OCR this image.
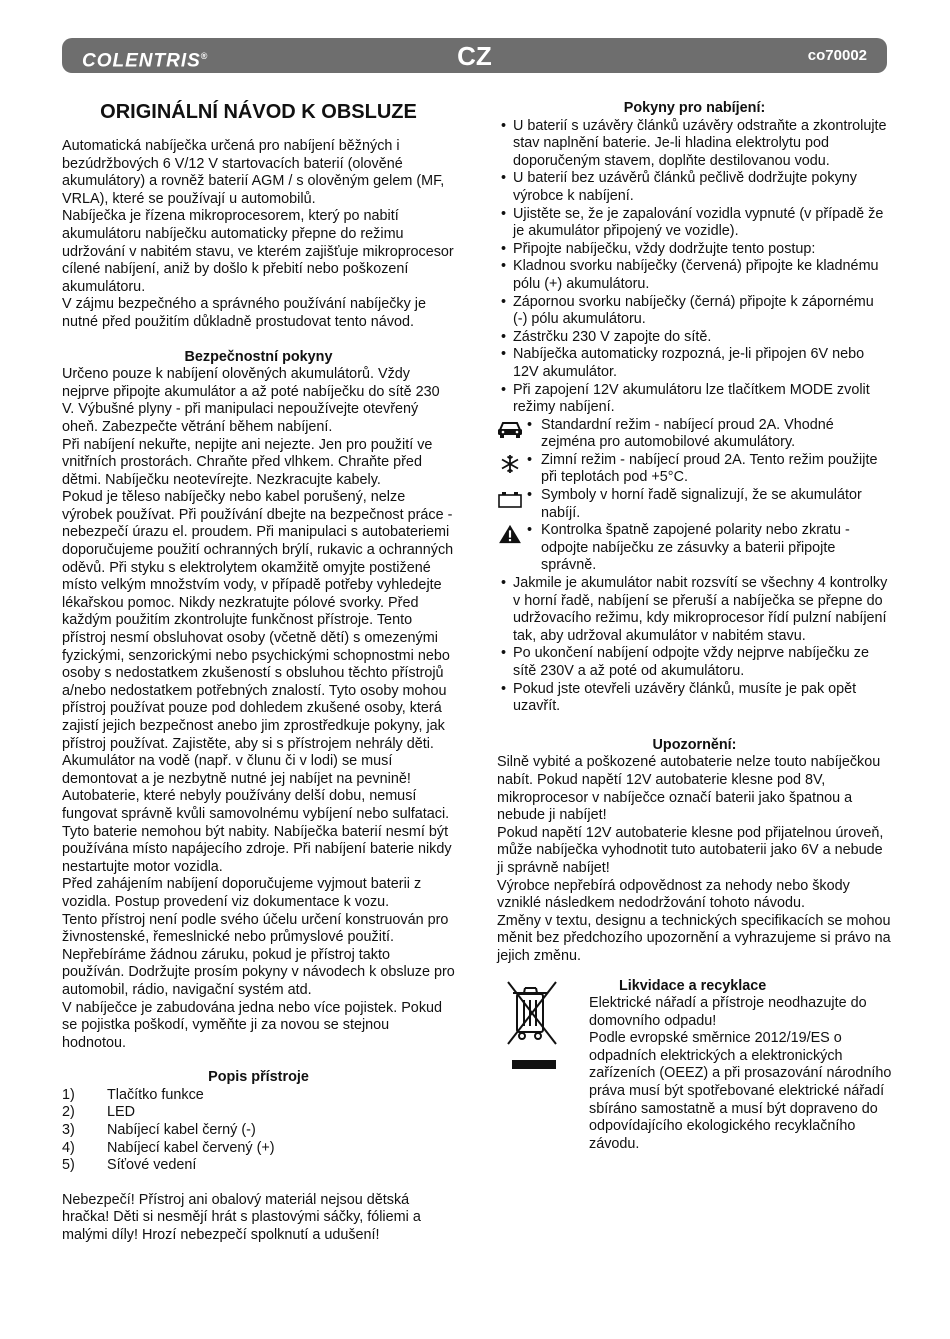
COLENTRIS®	CZ	co70002
ORIGINÁLNÍ NÁVOD K OBSLUZE

Automatická nabíječka určená pro nabíjení běžných i bezúdržbových 6 V/12 V startovacích baterií (olověné akumulátory) a rovněž baterií AGM / s olověným gelem (MF, VRLA), které se používají u automobilů.

Nabíječka je řízena mikroprocesorem, který po nabití akumulátoru nabíječku automaticky přepne do režimu udržování v nabitém stavu, ve kterém zajišťuje mikroprocesor cílené nabíjení, aniž by došlo k přebití nebo poškození akumulátoru.

V zájmu bezpečného a správného používání nabíječky je nutné před použitím důkladně prostudovat tento návod.

Bezpečnostní pokyny

Určeno pouze k nabíjení olověných akumulátorů. Vždy nejprve připojte akumulátor a až poté nabíječku do sítě 230 V. Výbušné plyny - při manipulaci nepoužívejte otevřený oheň. Zabezpečte větrání během nabíjení.

Při nabíjení nekuřte, nepijte ani nejezte. Jen pro použití ve vnitřních prostorách. Chraňte před vlhkem. Chraňte před dětmi. Nabíječku neotevírejte. Nezkracujte kabely.

Pokud je těleso nabíječky nebo kabel porušený, nelze výrobek používat. Při používání dbejte na bezpečnost práce - nebezpečí úrazu el. proudem. Při manipulaci s autobateriemi doporučujeme použití ochranných brýlí, rukavic a ochranných oděvů. Při styku s elektrolytem okamžitě omyjte postižené místo velkým množstvím vody, v případě potřeby vyhledejte lékařskou pomoc. Nikdy nezkratujte pólové svorky. Před každým použitím zkontrolujte funkčnost přístroje. Tento přístroj nesmí obsluhovat osoby (včetně dětí) s omezenými fyzickými, senzorickými nebo psychickými schopnostmi nebo osoby s nedostatkem zkušeností s obsluhou těchto přístrojů a/nebo nedostatkem potřebných znalostí. Tyto osoby mohou přístroj používat pouze pod dohledem zkušené osoby, která zajistí jejich bezpečnost anebo jim zprostředkuje pokyny, jak přístroj používat. Zajistěte, aby si s přístrojem nehrály děti. Akumulátor na vodě (např. v člunu či v lodi) se musí demontovat a je nezbytně nutné jej nabíjet na pevnině!

Autobaterie, které nebyly používány delší dobu, nemusí fungovat správně kvůli samovolnému vybíjení nebo sulfataci. Tyto baterie nemohou být nabity. Nabíječka baterií nesmí být používána místo napájecího zdroje. Při nabíjení baterie nikdy nestartujte motor vozidla.

Před zahájením nabíjení doporučujeme vyjmout baterii z vozidla. Postup provedení viz dokumentace k vozu.

Tento přístroj není podle svého účelu určení konstruován pro živnostenské, řemeslnické nebo průmyslové použití. Nepřebíráme žádnou záruku, pokud je přístroj takto používán. Dodržujte prosím pokyny v návodech k obsluze pro automobil, rádio, navigační systém atd.

V nabíječce je zabudována jedna nebo více pojistek. Pokud se pojistka poškodí, vyměňte ji za novou se stejnou hodnotou.

Popis přístroje

1) Tlačítko funkce
2) LED
3) Nabíjecí kabel černý (-)
4) Nabíjecí kabel červený (+)
5) Síťové vedení

Nebezpečí! Přístroj ani obalový materiál nejsou dětská hračka! Děti si nesmějí hrát s plastovými sáčky, fóliemi a malými díly! Hrozí nebezpečí spolknutí a udušení!

Pokyny pro nabíjení:

• U baterií s uzávěry článků uzávěry odstraňte a zkontrolujte stav naplnění baterie. Je-li hladina elektrolytu pod doporučeným stavem, doplňte destilovanou vodu.
• U baterií bez uzávěrů článků pečlivě dodržujte pokyny výrobce k nabíjení.
• Ujistěte se, že je zapalování vozidla vypnuté (v případě že je akumulátor připojený ve vozidle).
• Připojte nabíječku, vždy dodržujte tento postup:
• Kladnou svorku nabíječky (červená) připojte ke kladnému pólu (+) akumulátoru.
• Zápornou svorku nabíječky (černá) připojte k zápornému (-) pólu akumulátoru.
• Zástrčku 230 V zapojte do sítě.
• Nabíječka automaticky rozpozná, je-li připojen 6V nebo 12V akumulátor.
• Při zapojení 12V akumulátoru lze tlačítkem MODE zvolit režimy nabíjení.
• Standardní režim - nabíjecí proud 2A. Vhodné zejména pro automobilové akumulátory.
• Zimní režim - nabíjecí proud 2A. Tento režim použijte při teplotách pod +5°C.
• Symboly v horní řadě signalizují, že se akumulátor nabíjí.
• Kontrolka špatně zapojené polarity nebo zkratu - odpojte nabíječku ze zásuvky a baterii připojte správně.
• Jakmile je akumulátor nabit rozsvítí se všechny 4 kontrolky v horní řadě, nabíjení se přeruší a nabíječka se přepne do udržovacího režimu, kdy mikroprocesor řídí pulzní nabíjení tak, aby udržoval akumulátor v nabitém stavu.
• Po ukončení nabíjení odpojte vždy nejprve nabíječku ze sítě 230V a až poté od akumulátoru.
• Pokud jste otevřeli uzávěry článků, musíte je pak opět uzavřít.

Upozornění:

Silně vybité a poškozené autobaterie nelze touto nabíječkou nabít. Pokud napětí 12V autobaterie klesne pod 8V, mikroprocesor v nabíječce označí baterii jako špatnou a nebude ji nabíjet!

Pokud napětí 12V autobaterie klesne pod přijatelnou úroveň, může nabíječka vyhodnotit tuto autobaterii jako 6V a nebude ji správně nabíjet!

Výrobce nepřebírá odpovědnost za nehody nebo škody vzniklé následkem nedodržování tohoto návodu.

Změny v textu, designu a technických specifikacích se mohou měnit bez předchozího upozornění a vyhrazujeme si právo na jejich změnu.

Likvidace a recyklace

Elektrické nářadí a přístroje neodhazujte do domovního odpadu!

Podle evropské směrnice 2012/19/ES o odpadních elektrických a elektronických zařízeních (OEEZ) a při prosazování národního práva musí být spotřebované elektrické nářadí sbíráno samostatně a musí být dopraveno do odpovídajícího ekologického recyklačního závodu.
